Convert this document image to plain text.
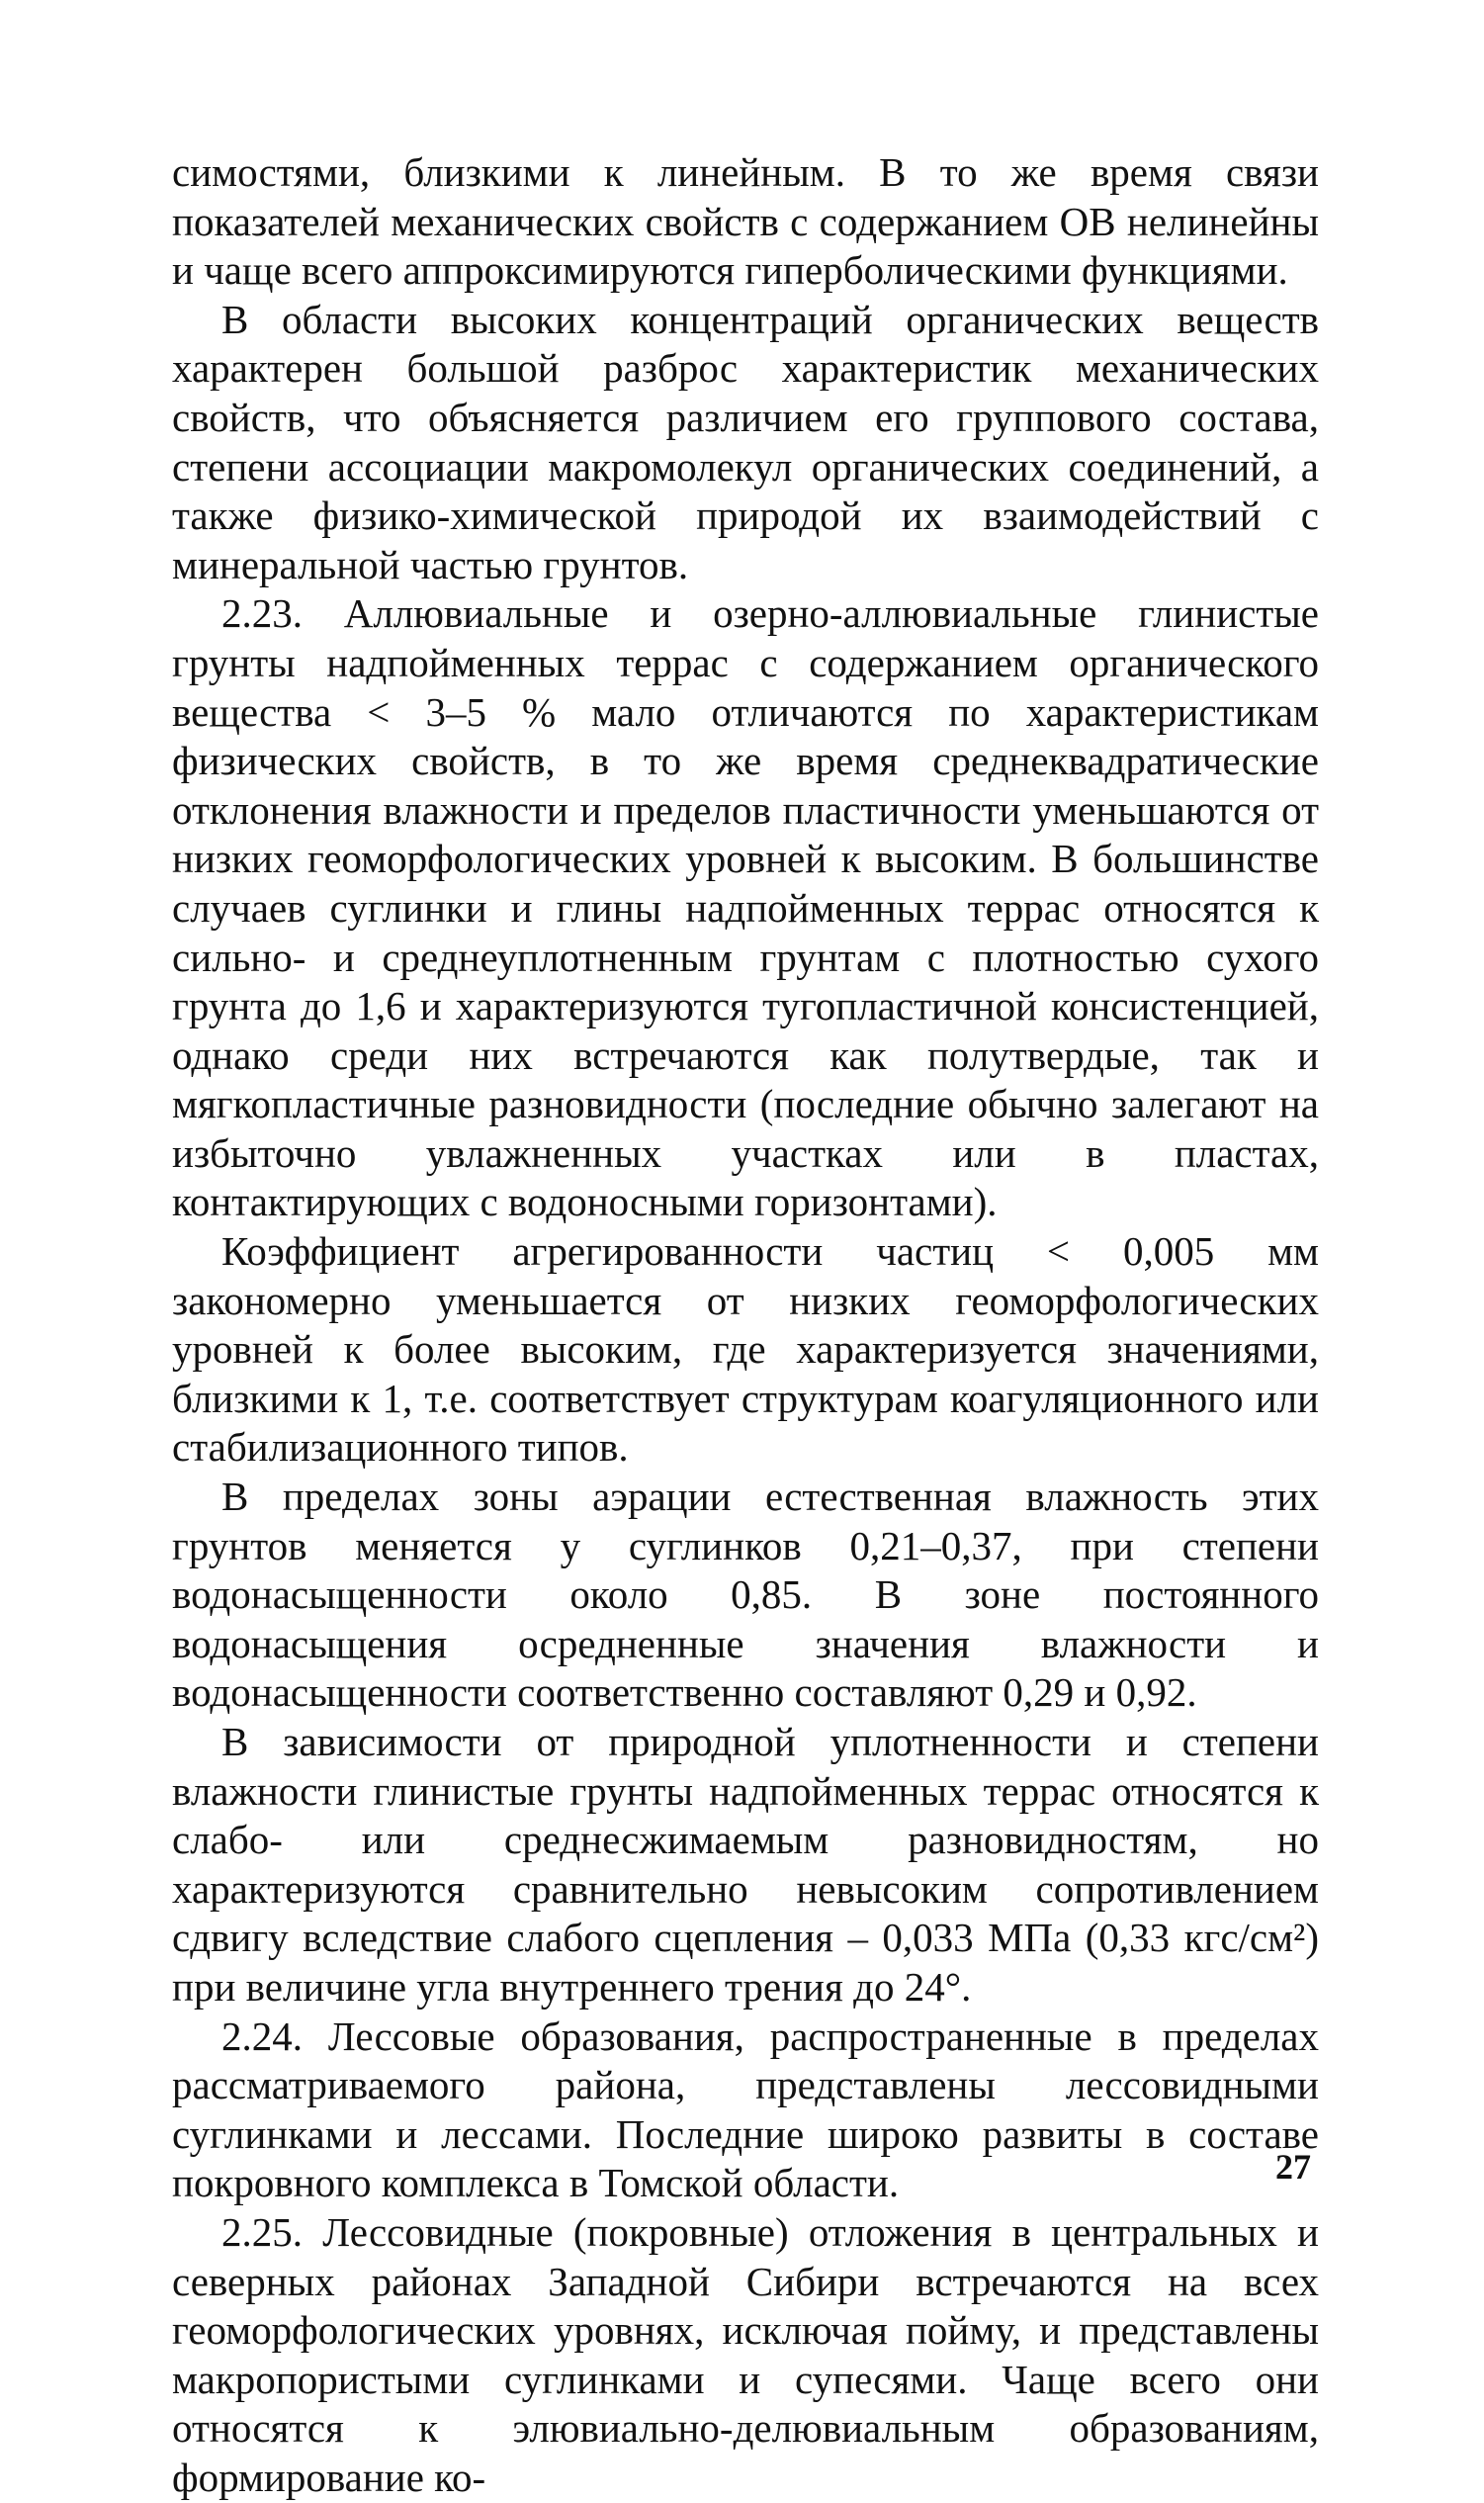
симостями, близкими к линейным. В то же время связи показателей механических свойств с содержанием ОВ нелинейны и чаще всего аппроксимируются гиперболическими функциями.

В области высоких концентраций органических веществ характерен большой разброс характеристик механических свойств, что объясняется различием его группового состава, степени ассоциации макромолекул органических соединений, а также физико-химической природой их взаимодействий с минеральной частью грунтов.

2.23. Аллювиальные и озерно-аллювиальные глинистые грунты надпойменных террас с содержанием органического вещества < 3–5 % мало отличаются по характеристикам физических свойств, в то же время среднеквадратические отклонения влажности и пределов пластичности уменьшаются от низких геоморфологических уровней к высоким. В большинстве случаев суглинки и глины надпойменных террас относятся к сильно- и среднеуплотненным грунтам с плотностью сухого грунта до 1,6 и характеризуются тугопластичной консистенцией, однако среди них встречаются как полутвердые, так и мягкопластичные разновидности (последние обычно залегают на избыточно увлажненных участках или в пластах, контактирующих с водоносными горизонтами).

Коэффициент агрегированности частиц < 0,005 мм закономерно уменьшается от низких геоморфологических уровней к более высоким, где характеризуется значениями, близкими к 1, т.е. соответствует структурам коагуляционного или стабилизационного типов.

В пределах зоны аэрации естественная влажность этих грунтов меняется у суглинков 0,21–0,37, при степени водонасыщенности около 0,85. В зоне постоянного водонасыщения осредненные значения влажности и водонасыщенности соответственно составляют 0,29 и 0,92.

В зависимости от природной уплотненности и степени влажности глинистые грунты надпойменных террас относятся к слабо- или среднесжимаемым разновидностям, но характеризуются сравнительно невысоким сопротивлением сдвигу вследствие слабого сцепления – 0,033 МПа (0,33 кгс/см²) при величине угла внутреннего трения до 24°.

2.24. Лессовые образования, распространенные в пределах рассматриваемого района, представлены лессовидными суглинками и лессами. Последние широко развиты в составе покровного комплекса в Томской области.

2.25. Лессовидные (покровные) отложения в центральных и северных районах Западной Сибири встречаются на всех геоморфологических уровнях, исключая пойму, и представлены макропористыми суглинками и супесями. Чаще всего они относятся к элювиально-делювиальным образованиям, формирование ко-

27
